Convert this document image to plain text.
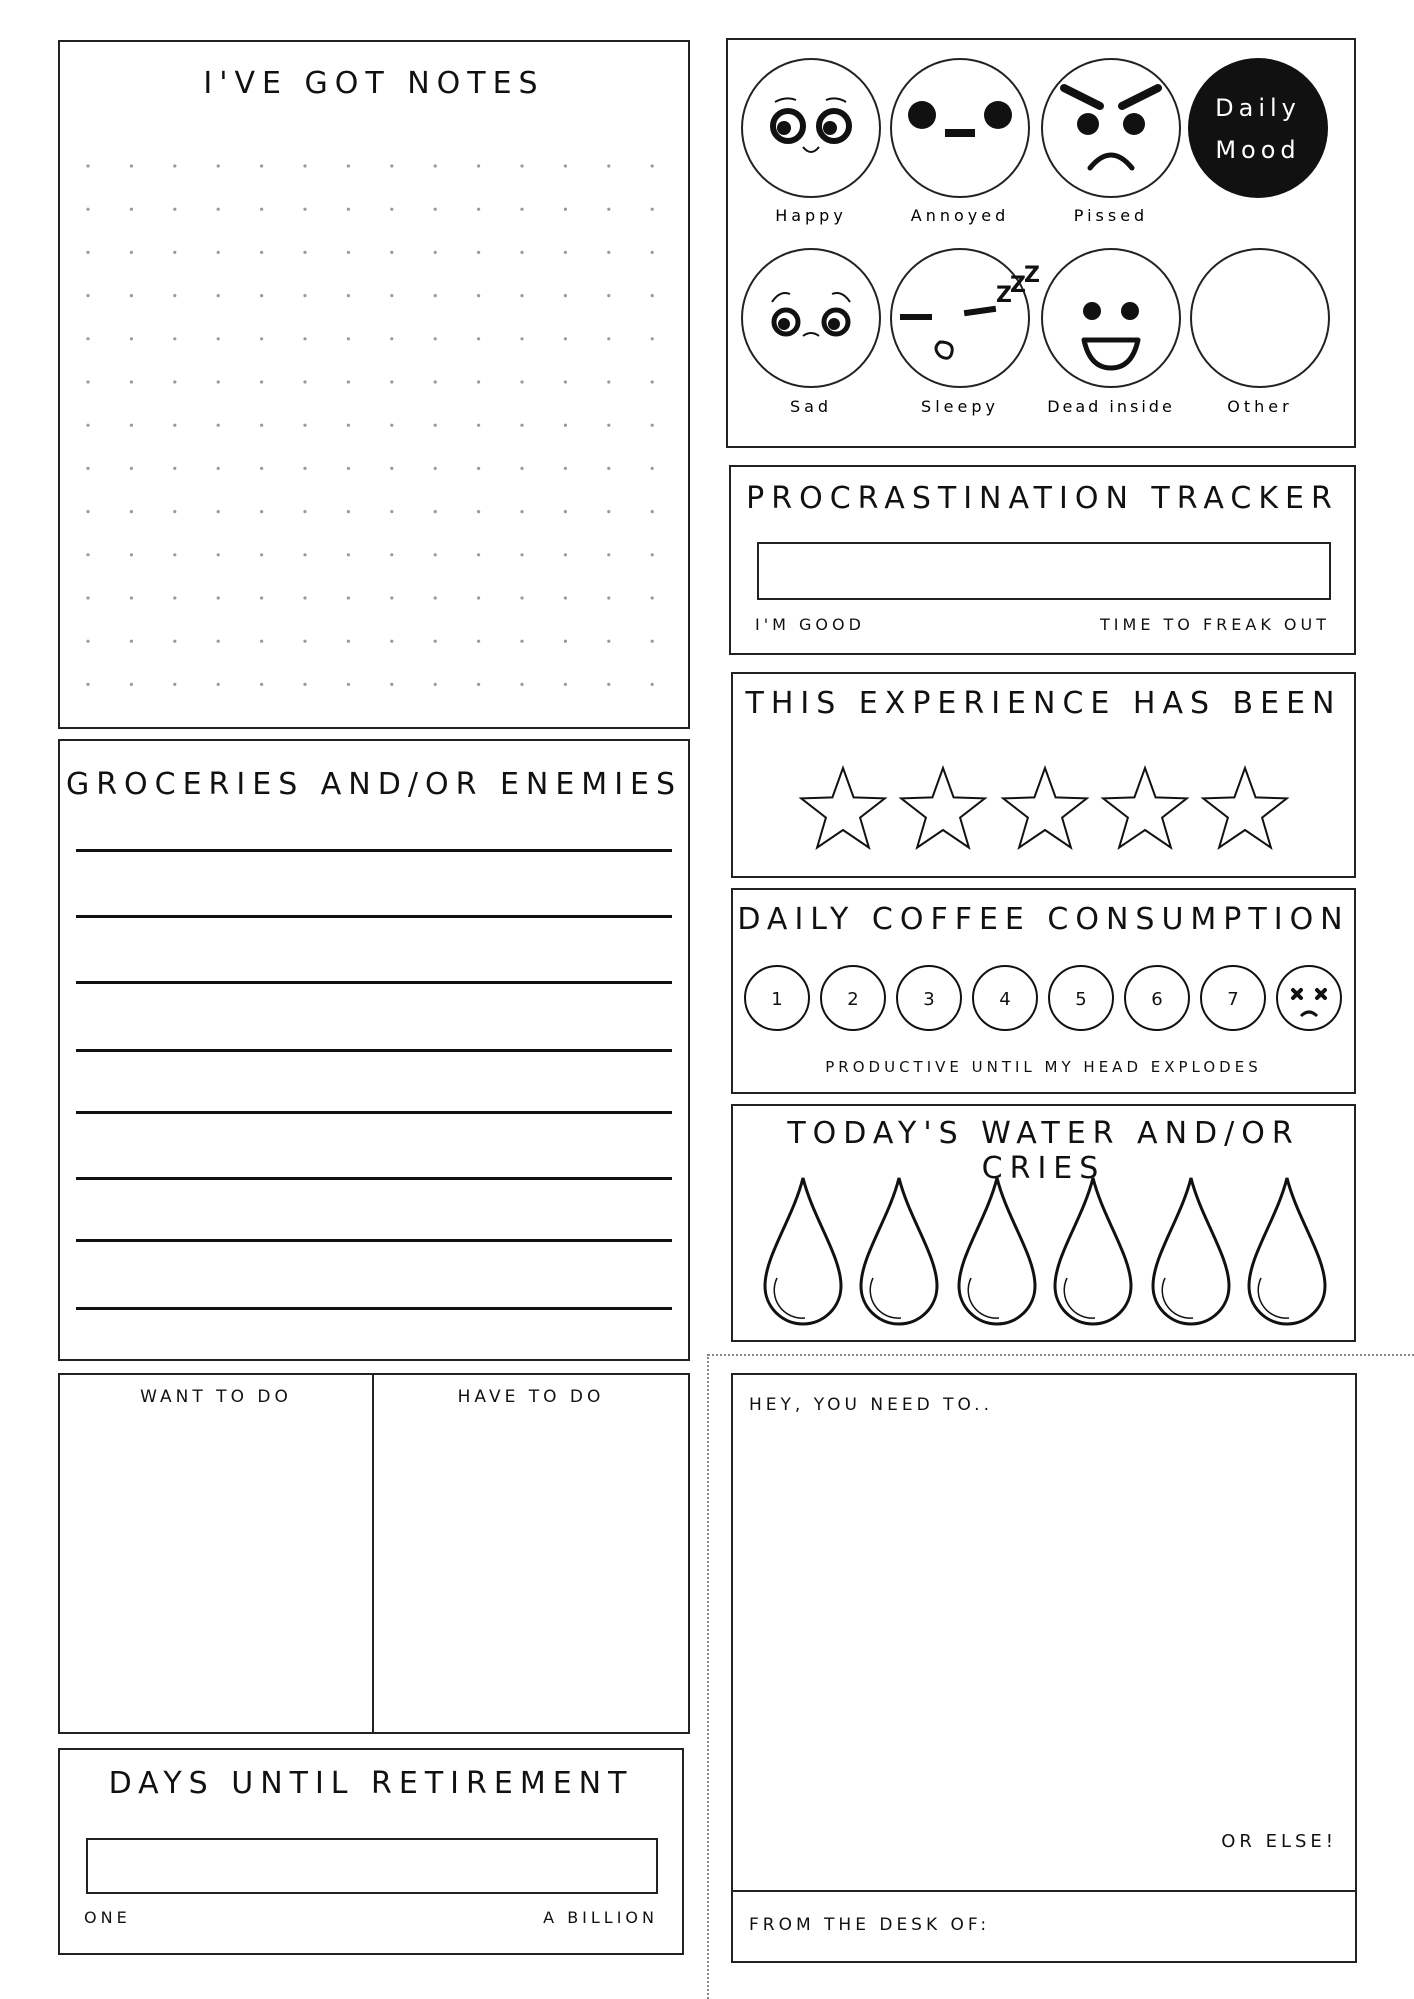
I'VE GOT NOTES
GROCERIES AND/OR ENEMIES
WANT TO DO	HAVE TO DO
DAYS UNTIL RETIREMENT
ONE	A BILLION
Daily
Mood
Happy	Annoyed	Pissed
Z
Z
Z
Sad	Sleepy	Dead inside	Other
PROCRASTINATION TRACKER
I'M GOOD	TIME TO FREAK OUT
THIS EXPERIENCE HAS BEEN
DAILY COFFEE CONSUMPTION
1	2	3	4	5	6	7
PRODUCTIVE UNTIL MY HEAD EXPLODES
TODAY'S WATER AND/OR CRIES
HEY, YOU NEED TO..
OR ELSE!
FROM THE DESK OF:
